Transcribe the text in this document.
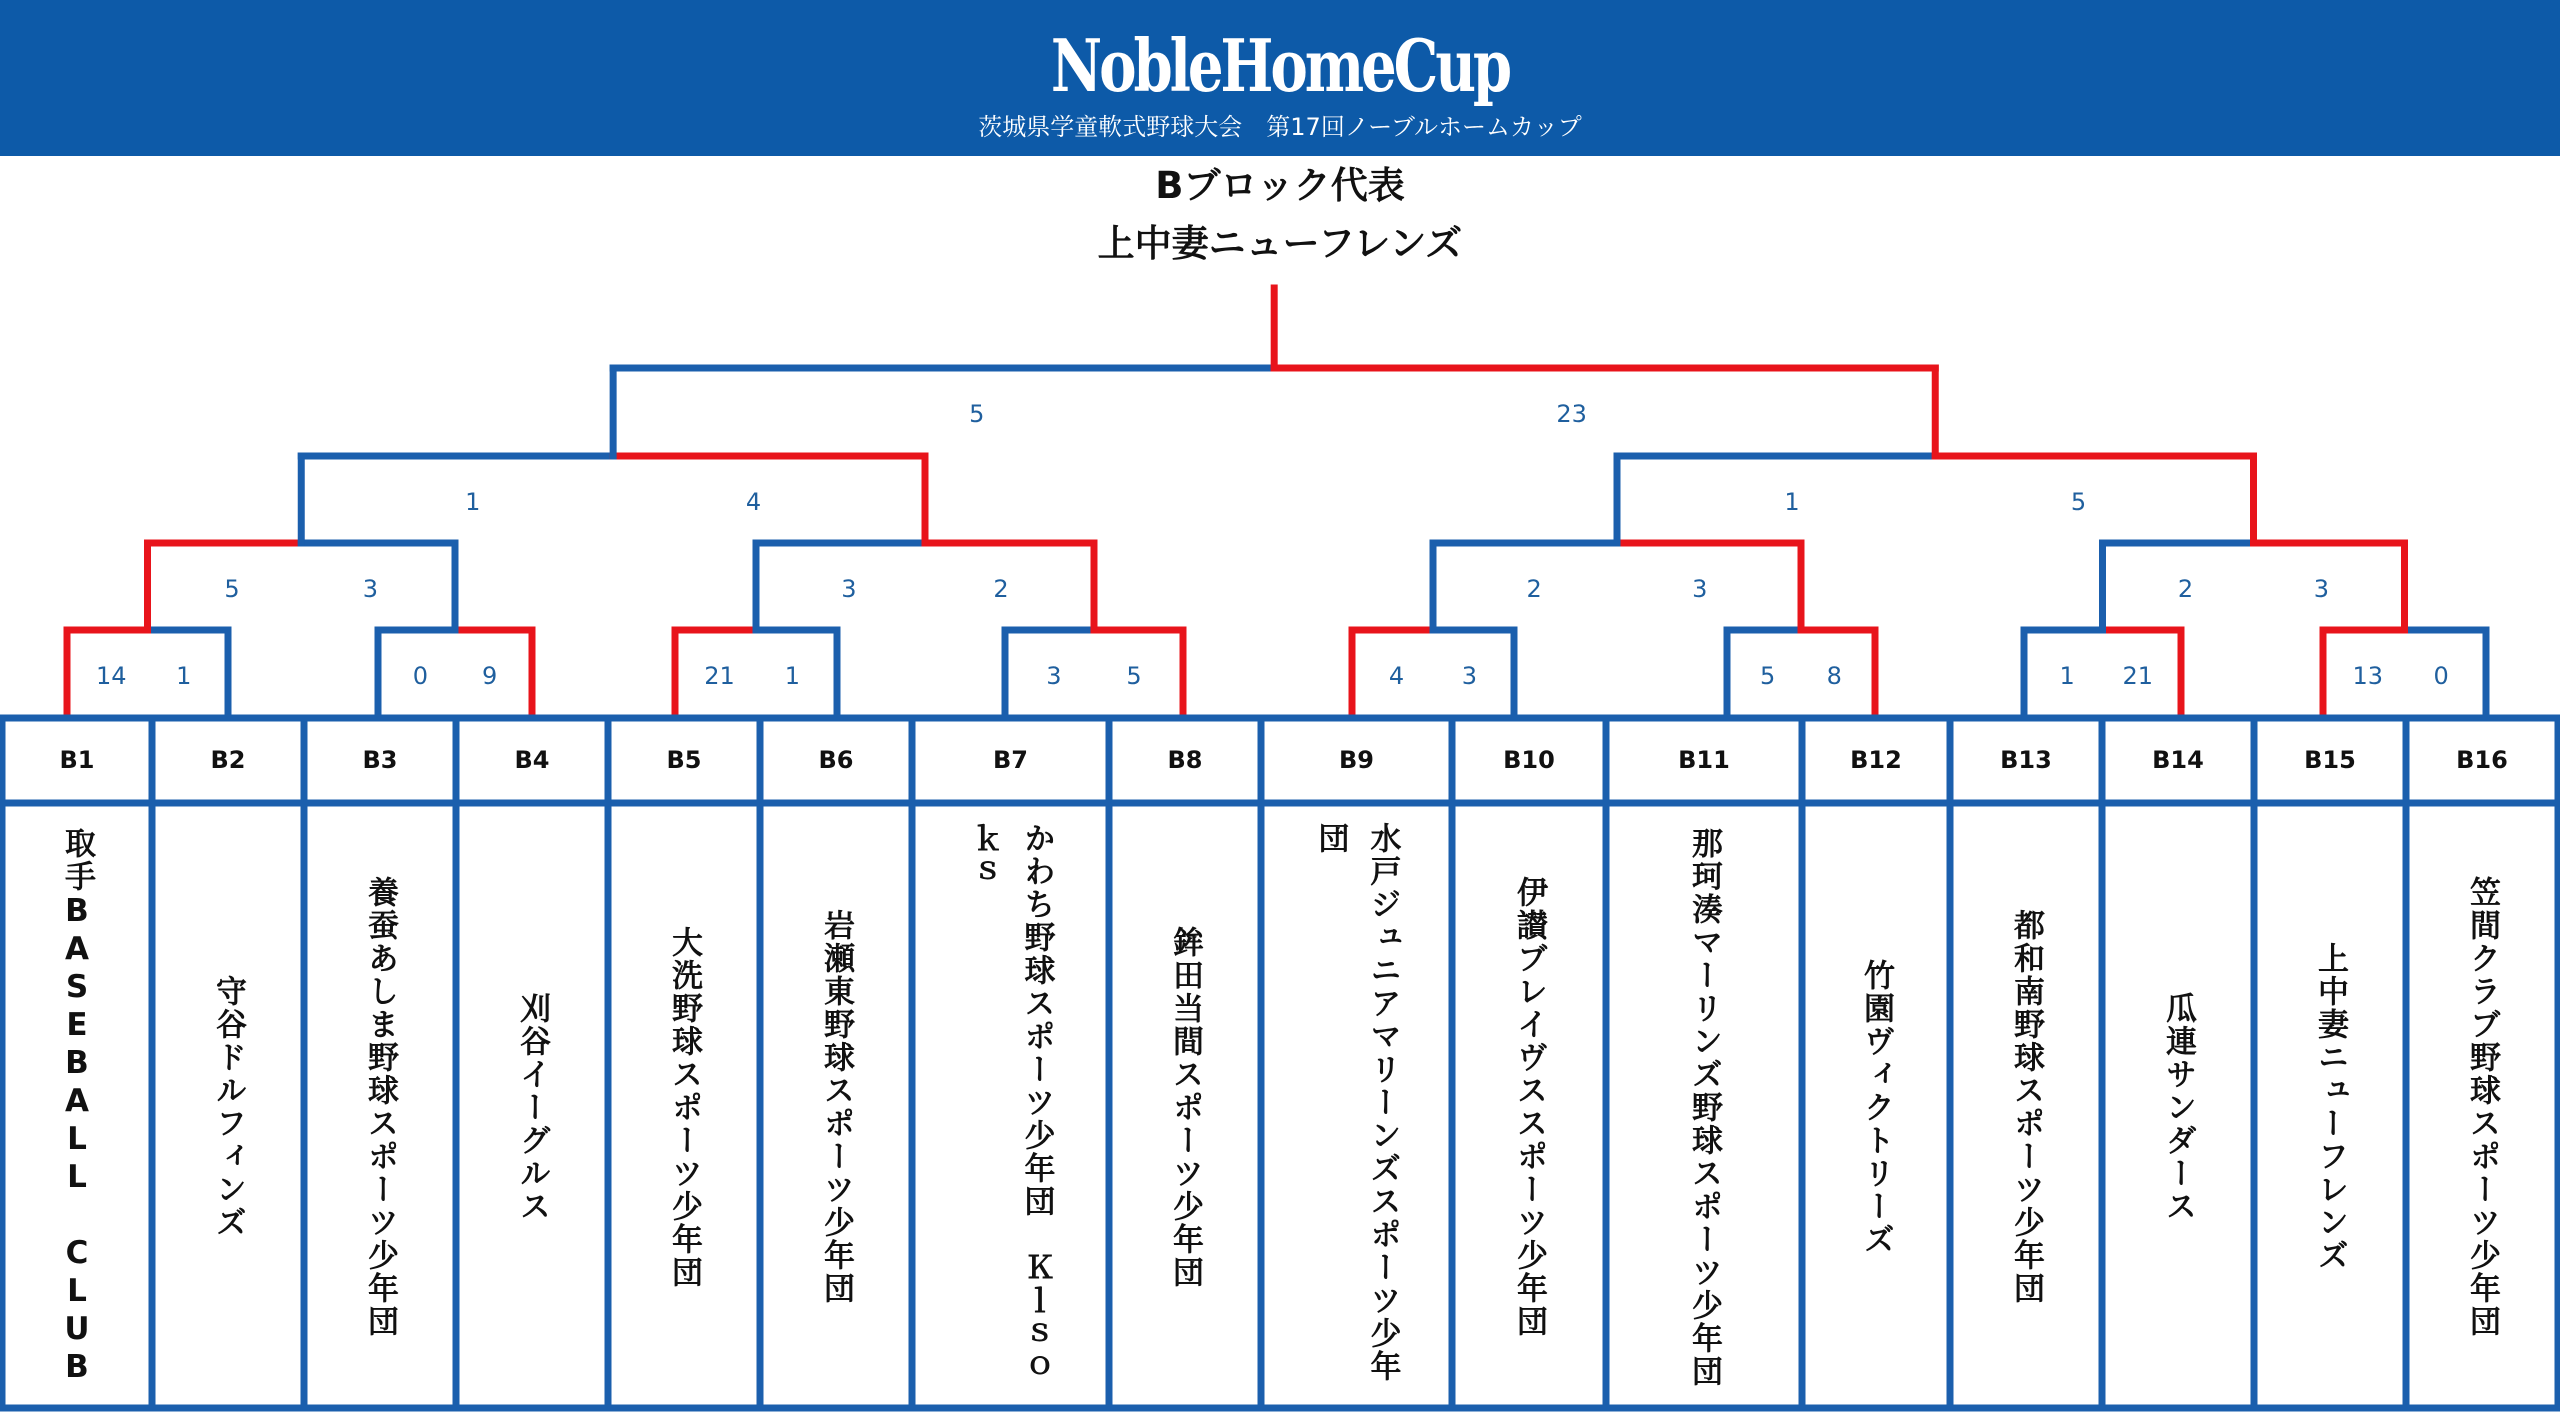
NobleHomeCup
茨城県学童軟式野球大会　第17回ノーブルホームカップ
Bブロック代表
上中妻ニューフレンズ
14	1	0	9	21	1	3	5	4	3	5	8	1	21	13	0
5	3	3	2	2	3	2	3
1	4	1	5
5	23
B1
取手BASEBALL CLUB
B2
守谷ドルフィンズ
B3
養蚕あしま野球スポーツ少年団
B4
刈谷イーグルス
B5
大洗野球スポーツ少年団
B6
岩瀬東野球スポーツ少年団
B7
かわち野球スポーツ少年団　Ｋｌｓｏｋｓ
B8
鉾田当間スポーツ少年団
B9
水戸ジュニアマリーンズスポーツ少年団
B10
伊讃ブレイヴススポーツ少年団
B11
那珂湊マーリンズ野球スポーツ少年団
B12
竹園ヴィクトリーズ
B13
都和南野球スポーツ少年団
B14
瓜連サンダース
B15
上中妻ニューフレンズ
B16
笠間クラブ野球スポーツ少年団
